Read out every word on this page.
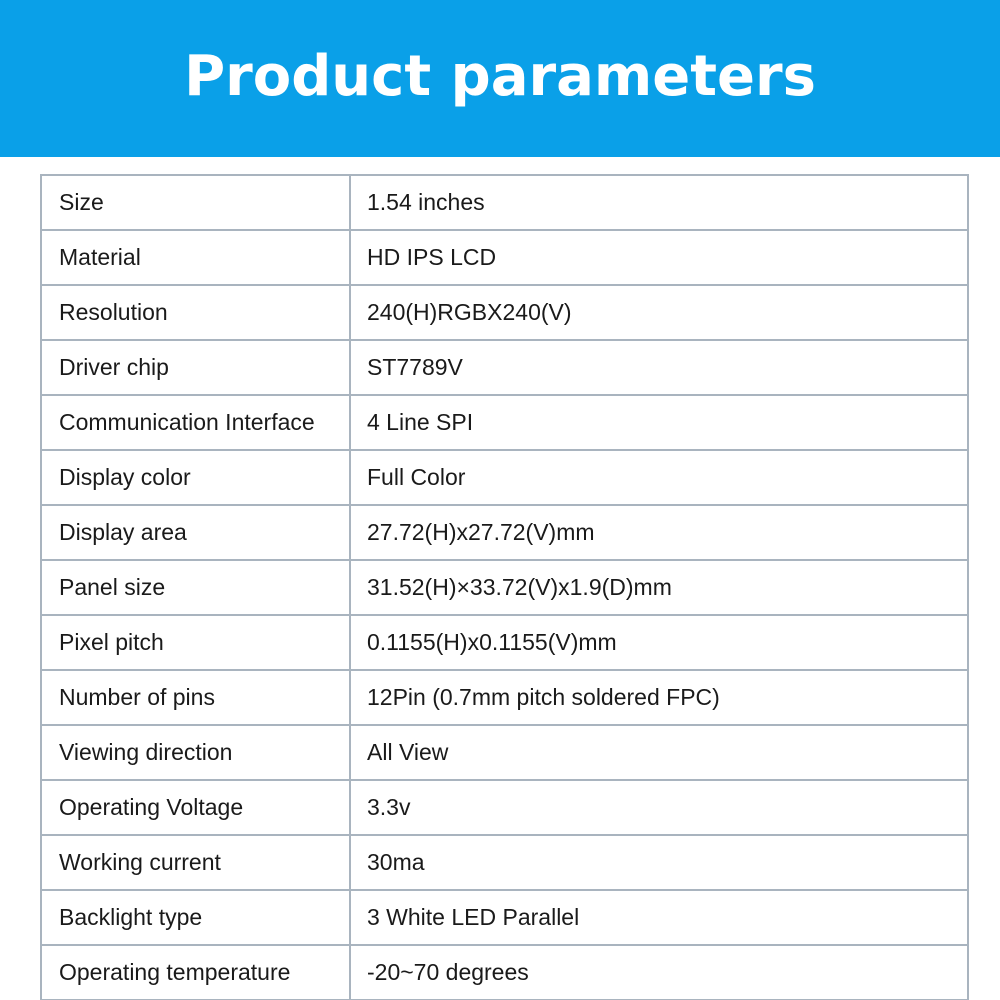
Product parameters
Size	1.54 inches
Material	HD IPS LCD
Resolution	240(H)RGBX240(V)
Driver chip	ST7789V
Communication Interface	4 Line SPI
Display color	Full Color
Display area	27.72(H)x27.72(V)mm
Panel size	31.52(H)×33.72(V)x1.9(D)mm
Pixel pitch	0.1155(H)x0.1155(V)mm
Number of pins	12Pin (0.7mm pitch soldered FPC)
Viewing direction	All View
Operating Voltage	3.3v
Working current	30ma
Backlight type	3 White LED Parallel
Operating temperature	-20~70 degrees
